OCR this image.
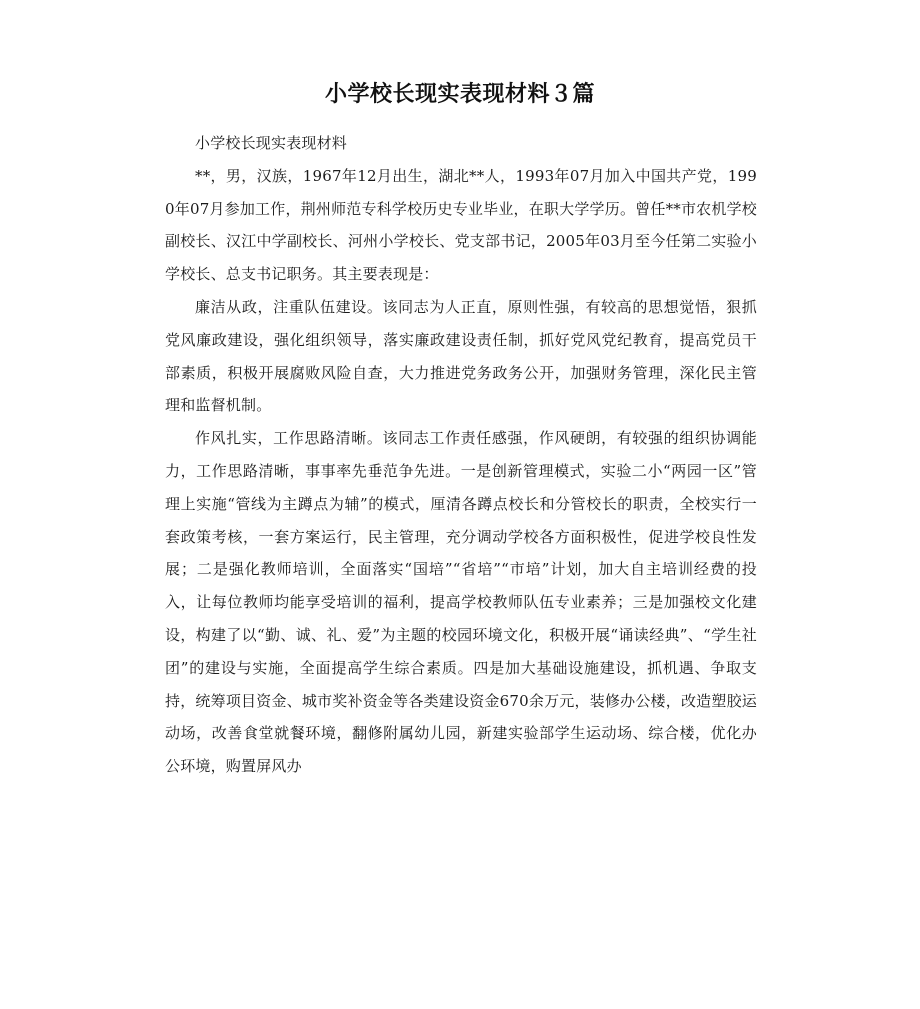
小学校长现实表现材料３篇

小学校长现实表现材料

**，男，汉族，1967年12月出生，湖北**人，1993年07月加入中国共产党，1990年07月参加工作，荆州师范专科学校历史专业毕业，在职大学学历。曾任**市农机学校副校长、汉江中学副校长、河州小学校长、党支部书记，2005年03月至今任第二实验小学校长、总支书记职务。其主要表现是：

廉洁从政，注重队伍建设。该同志为人正直，原则性强，有较高的思想觉悟，狠抓党风廉政建设，强化组织领导，落实廉政建设责任制，抓好党风党纪教育，提高党员干部素质，积极开展腐败风险自查，大力推进党务政务公开，加强财务管理，深化民主管理和监督机制。

作风扎实，工作思路清晰。该同志工作责任感强，作风硬朗，有较强的组织协调能力，工作思路清晰，事事率先垂范争先进。一是创新管理模式，实验二小“两园一区”管理上实施“管线为主蹲点为辅”的模式，厘清各蹲点校长和分管校长的职责，全校实行一套政策考核，一套方案运行，民主管理，充分调动学校各方面积极性，促进学校良性发展；二是强化教师培训，全面落实“国培”“省培”“市培”计划，加大自主培训经费的投入，让每位教师均能享受培训的福利，提高学校教师队伍专业素养；三是加强校文化建设，构建了以“勤、诚、礼、爱”为主题的校园环境文化，积极开展“诵读经典”、“学生社团”的建设与实施，全面提高学生综合素质。四是加大基础设施建设，抓机遇、争取支持，统筹项目资金、城市奖补资金等各类建设资金670余万元，装修办公楼，改造塑胶运动场，改善食堂就餐环境，翻修附属幼儿园，新建实验部学生运动场、综合楼，优化办公环境，购置屏风办
